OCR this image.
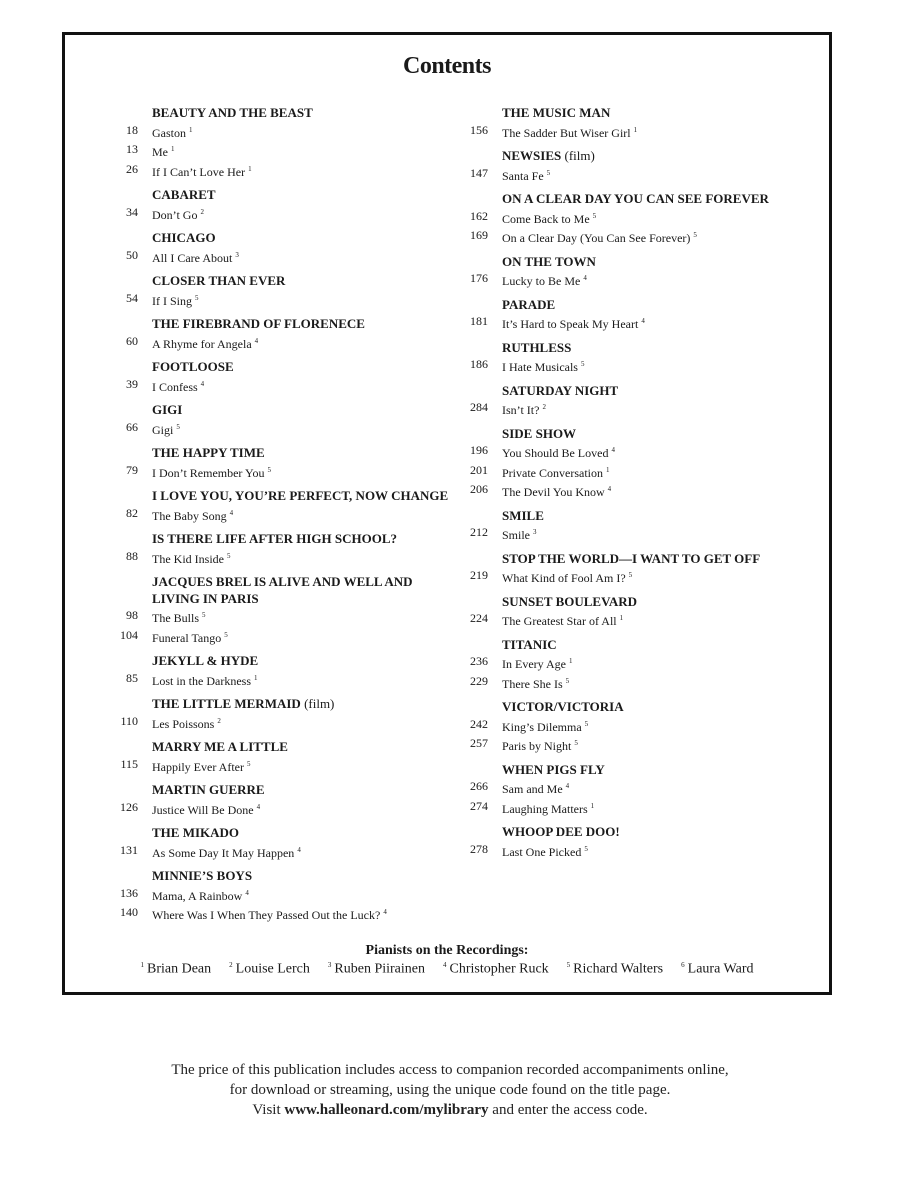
Contents
BEAUTY AND THE BEAST
18	Gaston $^1$
13	Me $^1$
26	If I Can’t Love Her $^1$
CABARET
34	Don’t Go $^2$
CHICAGO
50	All I Care About $^3$
CLOSER THAN EVER
54	If I Sing $^5$
THE FIREBRAND OF FLORENECE
60	A Rhyme for Angela $^4$
FOOTLOOSE
39	I Confess $^4$
GIGI
66	Gigi $^5$
THE HAPPY TIME
79	I Don’t Remember You $^5$
I LOVE YOU, YOU’RE PERFECT, NOW CHANGE
82	The Baby Song $^4$
IS THERE LIFE AFTER HIGH SCHOOL?
88	The Kid Inside $^5$
JACQUES BREL IS ALIVE AND WELL AND LIVING IN PARIS
98	The Bulls $^5$
104	Funeral Tango $^5$
JEKYLL & HYDE
85	Lost in the Darkness $^1$
THE LITTLE MERMAID (film)
110	Les Poissons $^2$
MARRY ME A LITTLE
115	Happily Ever After $^5$
MARTIN GUERRE
126	Justice Will Be Done $^4$
THE MIKADO
131	As Some Day It May Happen $^4$
MINNIE’S BOYS
136	Mama, A Rainbow $^4$
140	Where Was I When They Passed Out the Luck? $^4$
THE MUSIC MAN
156	The Sadder But Wiser Girl $^1$
NEWSIES (film)
147	Santa Fe $^5$
ON A CLEAR DAY YOU CAN SEE FOREVER
162	Come Back to Me $^5$
169	On a Clear Day (You Can See Forever) $^5$
ON THE TOWN
176	Lucky to Be Me $^4$
PARADE
181	It’s Hard to Speak My Heart $^4$
RUTHLESS
186	I Hate Musicals $^5$
SATURDAY NIGHT
284	Isn’t It? $^2$
SIDE SHOW
196	You Should Be Loved $^4$
201	Private Conversation $^1$
206	The Devil You Know $^4$
SMILE
212	Smile $^3$
STOP THE WORLD—I WANT TO GET OFF
219	What Kind of Fool Am I? $^5$
SUNSET BOULEVARD
224	The Greatest Star of All $^1$
TITANIC
236	In Every Age $^1$
229	There She Is $^5$
VICTOR/VICTORIA
242	King’s Dilemma $^5$
257	Paris by Night $^5$
WHEN PIGS FLY
266	Sam and Me $^4$
274	Laughing Matters $^1$
WHOOP DEE DOO!
278	Last One Picked $^5$
Pianists on the Recordings:
$^1$ Brian Dean	$^2$ Louise Lerch	$^3$ Ruben Piirainen	$^4$ Christopher Ruck	$^5$ Richard Walters	$^6$ Laura Ward
The price of this publication includes access to companion recorded accompaniments online,
for download or streaming, using the unique code found on the title page.
Visit www.halleonard.com/mylibrary and enter the access code.
